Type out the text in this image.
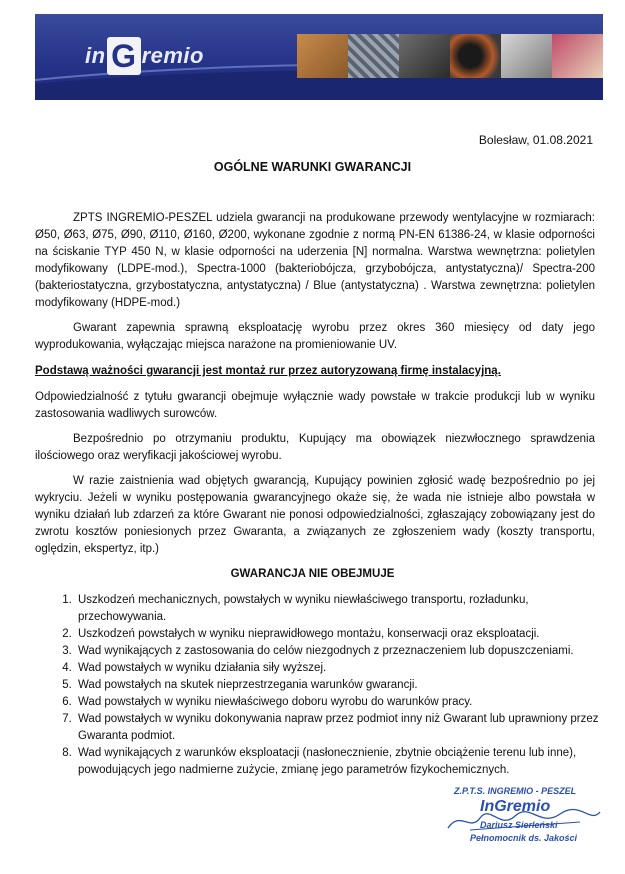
in G remio
Bolesław, 01.08.2021
OGÓLNE WARUNKI GWARANCJI

ZPTS INGREMIO-PESZEL udziela gwarancji na produkowane przewody wentylacyjne w rozmiarach: Ø50, Ø63, Ø75, Ø90, Ø110, Ø160, Ø200, wykonane zgodnie z normą PN-EN 61386-24, w klasie odporności na ściskanie TYP 450 N, w klasie odporności na uderzenia [N] normalna. Warstwa wewnętrzna: polietylen modyfikowany (LDPE-mod.), Spectra-1000 (bakteriobójcza, grzybobójcza, antystatyczna)/ Spectra-200 (bakteriostatyczna, grzybostatyczna, antystatyczna) / Blue (antystatyczna) . Warstwa zewnętrzna: polietylen modyfikowany (HDPE-mod.)

Gwarant zapewnia sprawną eksploatację wyrobu przez okres 360 miesięcy od daty jego wyprodukowania, wyłączając miejsca narażone na promieniowanie UV.

Podstawą ważności gwarancji jest montaż rur przez autoryzowaną firmę instalacyjną.

Odpowiedzialność z tytułu gwarancji obejmuje wyłącznie wady powstałe w trakcie produkcji lub w wyniku zastosowania wadliwych surowców.

Bezpośrednio po otrzymaniu produktu, Kupujący ma obowiązek niezwłocznego sprawdzenia ilościowego oraz weryfikacji jakościowej wyrobu.

W razie zaistnienia wad objętych gwarancją, Kupujący powinien zgłosić wadę bezpośrednio po jej wykryciu. Jeżeli w wyniku postępowania gwarancyjnego okaże się, że wada nie istnieje albo powstała w wyniku działań lub zdarzeń za które Gwarant nie ponosi odpowiedzialności, zgłaszający zobowiązany jest do zwrotu kosztów poniesionych przez Gwaranta, a związanych ze zgłoszeniem wady (koszty transportu, oględzin, ekspertyz, itp.)

GWARANCJA NIE OBEJMUJE
1. Uszkodzeń mechanicznych, powstałych w wyniku niewłaściwego transportu, rozładunku, przechowywania.
2. Uszkodzeń powstałych w wyniku nieprawidłowego montażu, konserwacji oraz eksploatacji.
3. Wad wynikających z zastosowania do celów niezgodnych z przeznaczeniem lub dopuszczeniami.
4. Wad powstałych w wyniku działania siły wyższej.
5. Wad powstałych na skutek nieprzestrzegania warunków gwarancji.
6. Wad powstałych w wyniku niewłaściwego doboru wyrobu do warunków pracy.
7. Wad powstałych w wyniku dokonywania napraw przez podmiot inny niż Gwarant lub uprawniony przez Gwaranta podmiot.
8. Wad wynikających z warunków eksploatacji (nasłonecznienie, zbytnie obciążenie terenu lub inne), powodujących jego nadmierne zużycie, zmianę jego parametrów fizykochemicznych.
Z.P.T.S. INGREMIO - PESZEL
InGremio
Dariusz Sierleński
Pełnomocnik ds. Jakości
